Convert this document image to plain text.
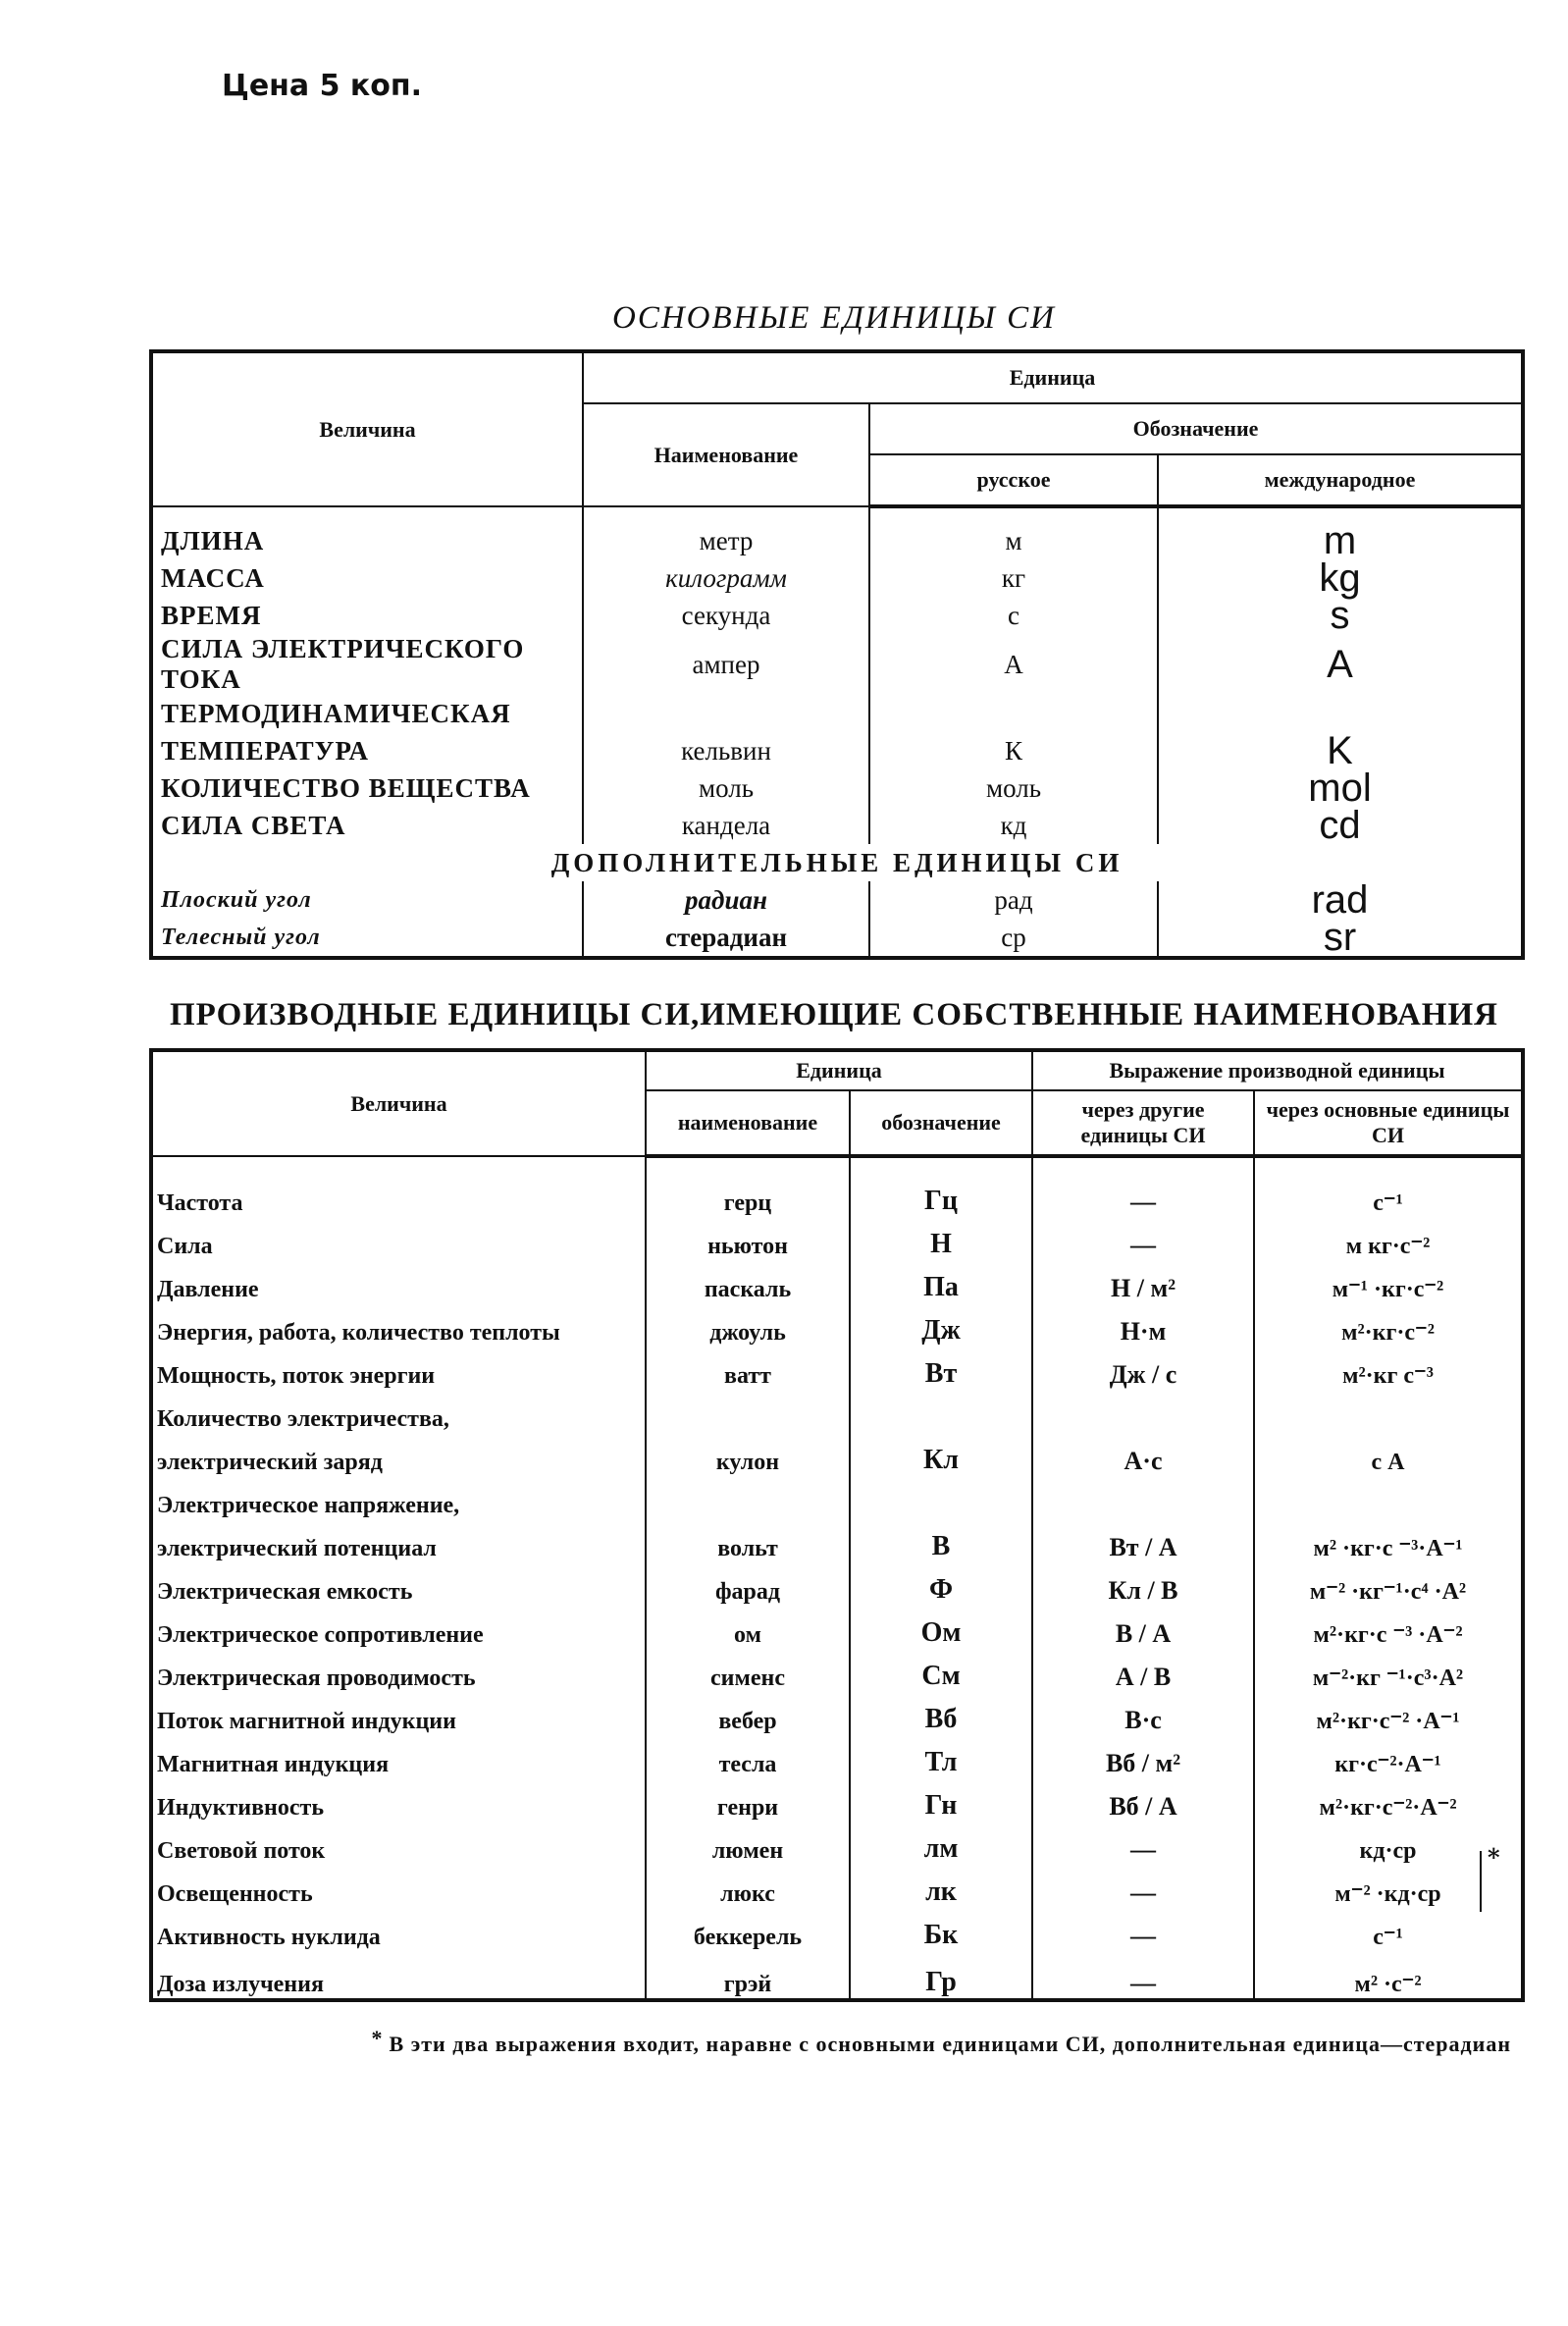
Цена 5 коп.
ОСНОВНЫЕ ЕДИНИЦЫ СИ
Величина	Единица		
	Наименование	Обозначение	
		русское	международное

ДЛИНА	метр	м	m
МАССА	килограмм	кг	kg
ВРЕМЯ	секунда	с	s
СИЛА ЭЛЕКТРИЧЕСКОГО ТОКА	ампер	А	A
ТЕРМОДИНАМИЧЕСКАЯ			
ТЕМПЕРАТУРА	кельвин	К	K
КОЛИЧЕСТВО ВЕЩЕСТВА	моль	моль	mol
СИЛА СВЕТА	кандела	кд	cd
ДОПОЛНИТЕЛЬНЫЕ ЕДИНИЦЫ СИ			
Плоский угол	радиан	рад	rad
Телесный угол	стерадиан	ср	sr
ПРОИЗВОДНЫЕ ЕДИНИЦЫ СИ,ИМЕЮЩИЕ СОБСТВЕННЫЕ НАИМЕНОВАНИЯ
Величина	Единица		Выражение производной единицы	
	наименование	обозначение	через другие единицы СИ	через основные единицы СИ
Частота	герц	Гц	—	с⁻¹
Сила	ньютон	Н	—	м кг·с⁻²
Давление	паскаль	Па	Н / м²	м⁻¹ ·кг·с⁻²
Энергия, работа, количество теплоты	джоуль	Дж	Н·м	м²·кг·с⁻²
Мощность, поток энергии	ватт	Вт	Дж / с	м²·кг с⁻³
Количество электричества,				
электрический заряд	кулон	Кл	А·с	с А
Электрическое напряжение,				
электрический потенциал	вольт	В	Вт / А	м² ·кг·с ⁻³·А⁻¹
Электрическая емкость	фарад	Ф	Кл / В	м⁻² ·кг⁻¹·с⁴ ·А²
Электрическое сопротивление	ом	Ом	В / А	м²·кг·с ⁻³ ·А⁻²
Электрическая проводимость	сименс	См	А / В	м⁻²·кг ⁻¹·с³·А²
Поток магнитной индукции	вебер	Вб	В·с	м²·кг·с⁻² ·А⁻¹
Магнитная индукция	тесла	Тл	Вб / м²	кг·с⁻²·А⁻¹
Индуктивность	генри	Гн	Вб / А	м²·кг·с⁻²·А⁻²
Световой поток	люмен	лм	—	кд·ср
Освещенность	люкс	лк	—	м⁻² ·кд·ср
Активность нуклида	беккерель	Бк	—	с⁻¹
Доза излучения	грэй	Гр	—	м² ·с⁻²
*
* В эти два выражения входит, наравне с основными единицами СИ, дополнительная единица—стерадиан
